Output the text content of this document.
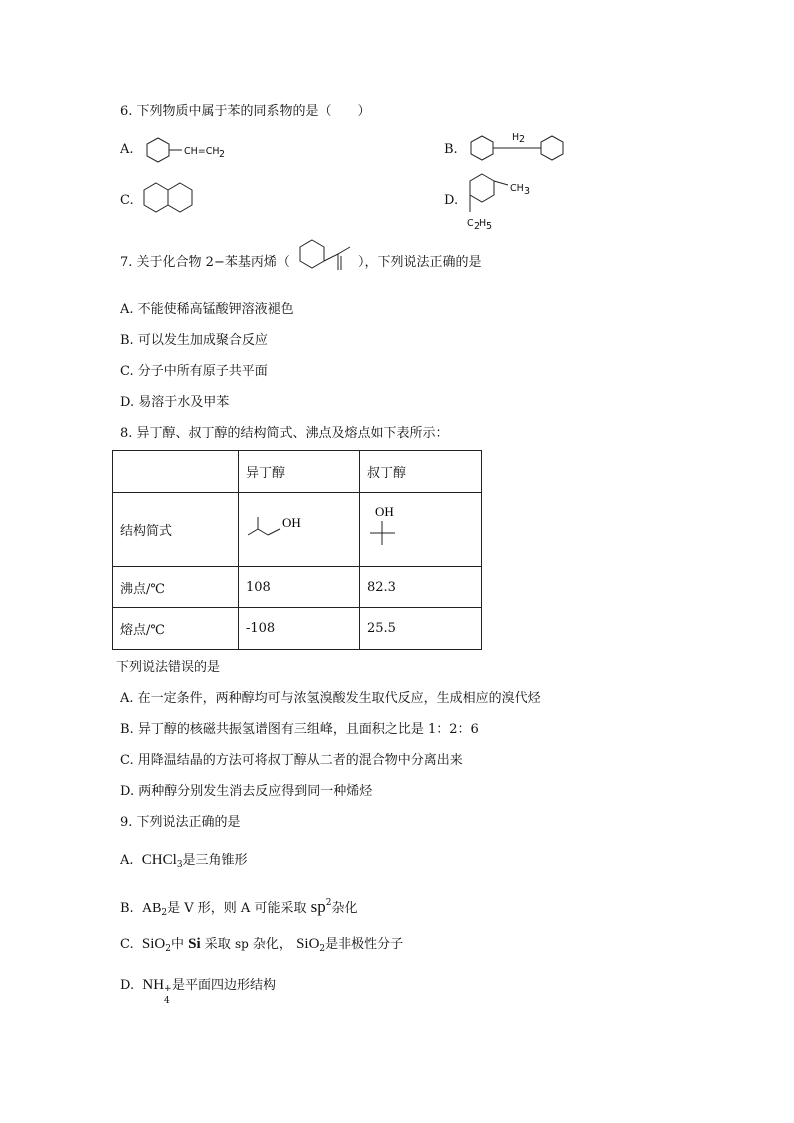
6. 下列物质中属于苯的同系物的是（　　）
A.	CH=CH 2	B.
H 2
C.	D.
CH 3
C 2
H 5
7. 关于化合物 2−苯基丙烯（	），下列说法正确的是
A. 不能使稀高锰酸钾溶液褪色
B. 可以发生加成聚合反应
C. 分子中所有原子共平面
D. 易溶于水及甲苯
8. 异丁醇、叔丁醇的结构简式、沸点及熔点如下表所示：
	异丁醇	叔丁醇
结构简式	OH	OH

沸点/℃	108	82.3
熔点/℃	-108	25.5
下列说法错误的是
A. 在一定条件，两种醇均可与浓氢溴酸发生取代反应，生成相应的溴代烃
B. 异丁醇的核磁共振氢谱图有三组峰，且面积之比是 1：2：6
C. 用降温结晶的方法可将叔丁醇从二者的混合物中分离出来
D. 两种醇分别发生消去反应得到同一种烯烃
9. 下列说法正确的是
A. CHCl$_3$是三角锥形
B. $AB_2$是 V 形，则 A 可能采取 $sp^2$杂化
C. SiO$_2$中 Si 采取 sp 杂化， SiO$_2$是非极性分子
D. NH +
4
是平面四边形结构
